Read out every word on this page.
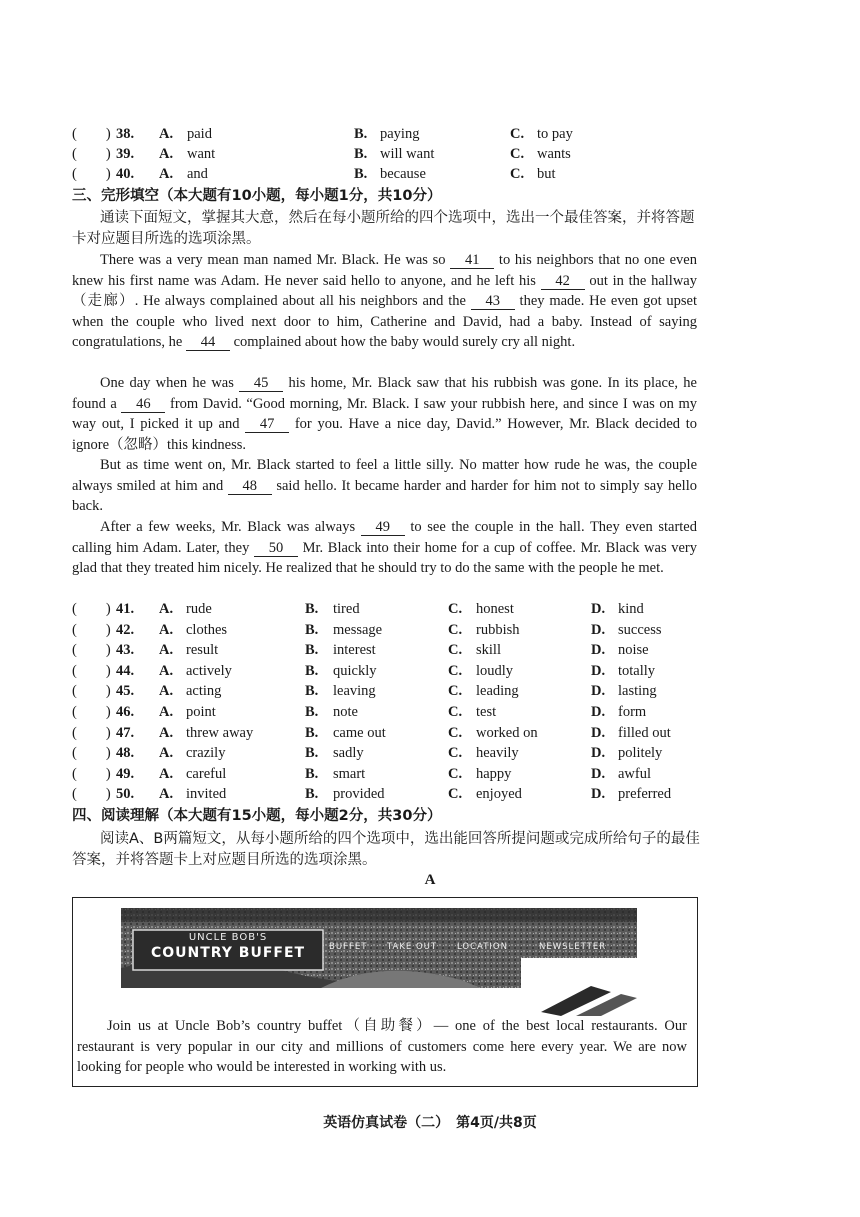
(　　) 38. A. paid	B. paying	C. to pay
(　　) 39. A. want	B. will want	C. wants
(　　) 40. A. and	B. because	C. but
三、完形填空（本大题有10小题，每小题1分，共10分）
通读下面短文，掌握其大意，然后在每小题所给的四个选项中，选出一个最佳答案，并将答题卡对应题目所选的选项涂黑。
There was a very mean man named Mr. Black. He was so 41 to his neighbors that no one even knew his first name was Adam. He never said hello to anyone, and he left his 42 out in the hallway（走廊）. He always complained about all his neighbors and the 43 they made. He even got upset when the couple who lived next door to him, Catherine and David, had a baby. Instead of saying congratulations, he 44 complained about how the baby would surely cry all night.
One day when he was 45 his home, Mr. Black saw that his rubbish was gone. In its place, he found a 46 from David. “Good morning, Mr. Black. I saw your rubbish here, and since I was on my way out, I picked it up and 47 for you. Have a nice day, David.” However, Mr. Black decided to ignore（忽略）this kindness.
But as time went on, Mr. Black started to feel a little silly. No matter how rude he was, the couple always smiled at him and 48 said hello. It became harder and harder for him not to simply say hello back.
After a few weeks, Mr. Black was always 49 to see the couple in the hall. They even started calling him Adam. Later, they 50 Mr. Black into their home for a cup of coffee. Mr. Black was very glad that they treated him nicely. He realized that he should try to do the same with the people he met.
(　　) 41. A. rude	B. tired	C. honest	D. kind
(　　) 42. A. clothes	B. message	C. rubbish	D. success
(　　) 43. A. result	B. interest	C. skill	D. noise
(　　) 44. A. actively	B. quickly	C. loudly	D. totally
(　　) 45. A. acting	B. leaving	C. leading	D. lasting
(　　) 46. A. point	B. note	C. test	D. form
(　　) 47. A. threw away	B. came out	C. worked on	D. filled out
(　　) 48. A. crazily	B. sadly	C. heavily	D. politely
(　　) 49. A. careful	B. smart	C. happy	D. awful
(　　) 50. A. invited	B. provided	C. enjoyed	D. preferred
四、阅读理解（本大题有15小题，每小题2分，共30分）
阅读A、B两篇短文，从每小题所给的四个选项中，选出能回答所提问题或完成所给句子的最佳答案，并将答题卡上对应题目所选的选项涂黑。
A
UNCLE BOB'S
COUNTRY BUFFET	BUFFET TAKE OUT LOCATION	NEWSLETTER
Join us at Uncle Bob’s country buffet（自助餐）— one of the best local restaurants. Our restaurant is very popular in our city and millions of customers come here every year. We are now looking for people who would be interested in working with us.
英语仿真试卷（二）　第4页/共8页
